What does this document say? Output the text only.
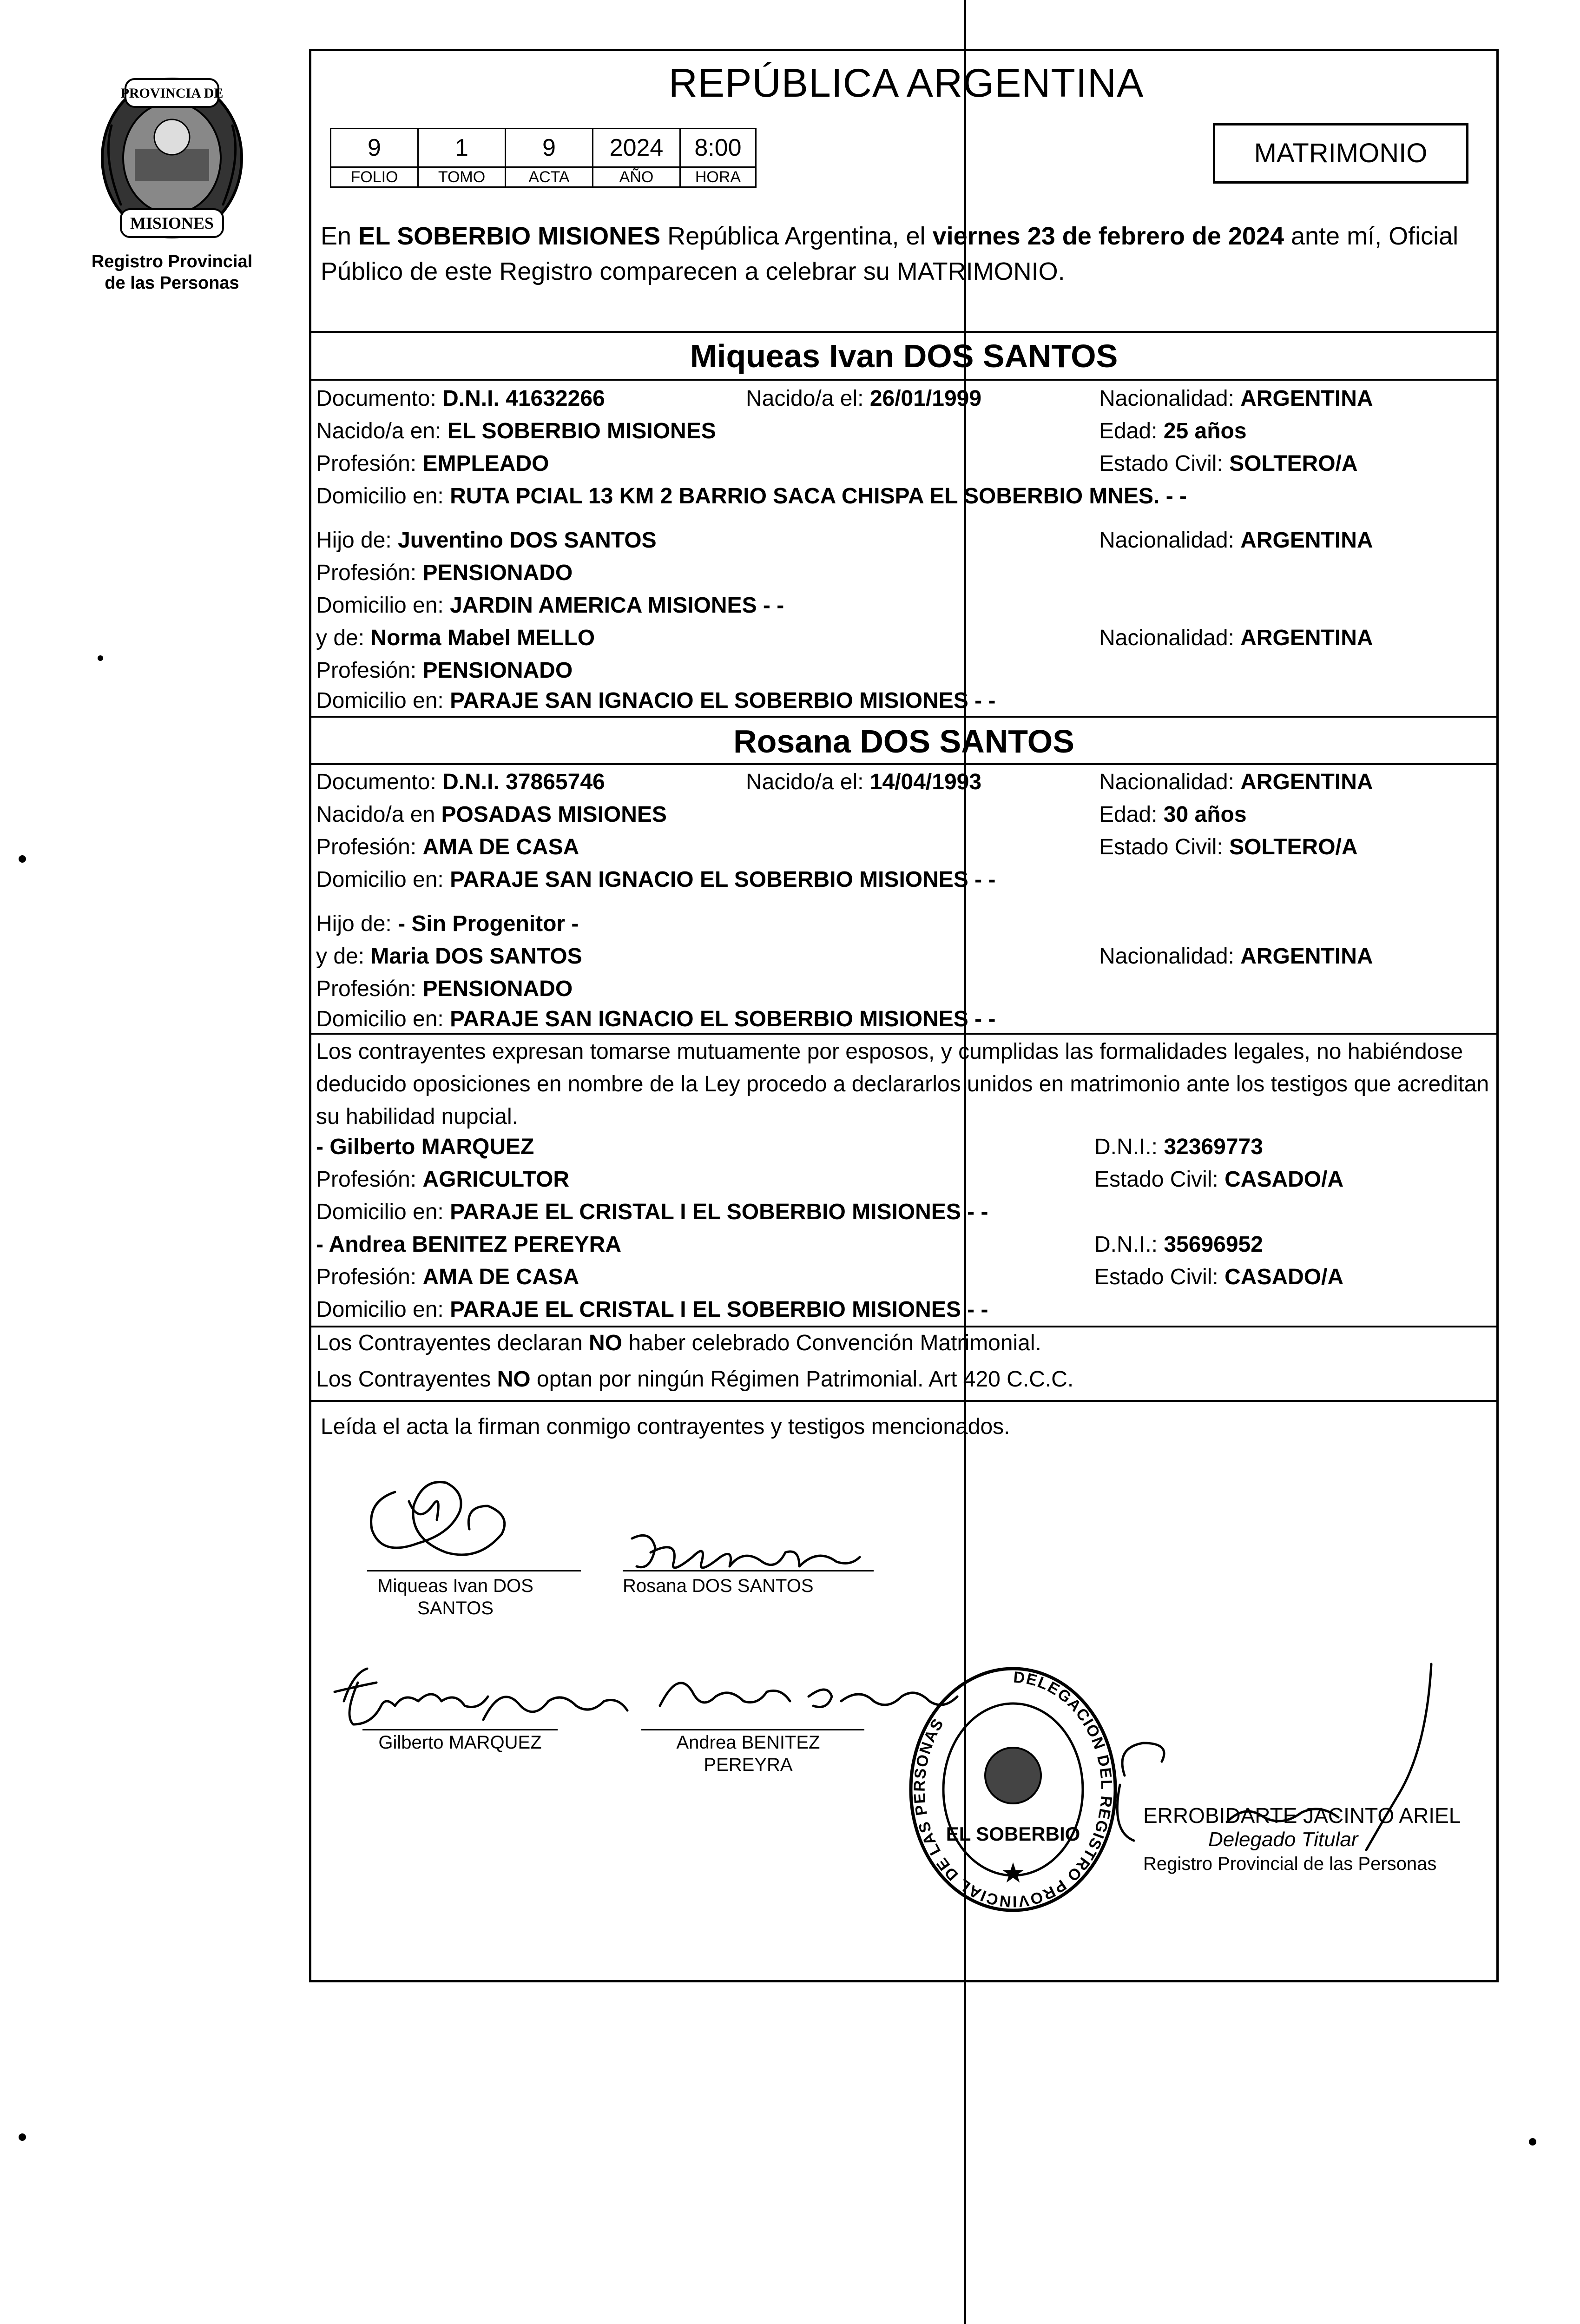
PROVINCIA DE
MISIONES
Registro Provincial
de las Personas
REPÚBLICA ARGENTINA
9	1	9	2024	8:00
FOLIO	TOMO	ACTA	AÑO	HORA
MATRIMONIO
En EL SOBERBIO MISIONES República Argentina, el viernes 23 de febrero de 2024 ante mí, Oficial Público de este Registro comparecen a celebrar su MATRIMONIO.
Miqueas Ivan DOS SANTOS
Documento: D.N.I. 41632266	Nacido/a el: 26/01/1999	Nacionalidad: ARGENTINA
Nacido/a en: EL SOBERBIO MISIONES	Edad: 25 años
Profesión: EMPLEADO	Estado Civil: SOLTERO/A
Domicilio en: RUTA PCIAL 13 KM 2 BARRIO SACA CHISPA EL SOBERBIO MNES. - -
Hijo de: Juventino DOS SANTOS	Nacionalidad: ARGENTINA
Profesión: PENSIONADO
Domicilio en: JARDIN AMERICA MISIONES - -
y de: Norma Mabel MELLO	Nacionalidad: ARGENTINA
Profesión: PENSIONADO
Domicilio en: PARAJE SAN IGNACIO EL SOBERBIO MISIONES - -
Rosana DOS SANTOS
Documento: D.N.I. 37865746	Nacido/a el: 14/04/1993	Nacionalidad: ARGENTINA
Nacido/a en POSADAS MISIONES	Edad: 30 años
Profesión: AMA DE CASA	Estado Civil: SOLTERO/A
Domicilio en: PARAJE SAN IGNACIO EL SOBERBIO MISIONES - -
Hijo de: - Sin Progenitor -
y de: Maria DOS SANTOS	Nacionalidad: ARGENTINA
Profesión: PENSIONADO
Domicilio en: PARAJE SAN IGNACIO EL SOBERBIO MISIONES - -
Los contrayentes expresan tomarse mutuamente por esposos, y cumplidas las formalidades legales, no habiéndose deducido oposiciones en nombre de la Ley procedo a declararlos unidos en matrimonio ante los testigos que acreditan su habilidad nupcial.
- Gilberto MARQUEZ	D.N.I.: 32369773
Profesión: AGRICULTOR	Estado Civil: CASADO/A
Domicilio en: PARAJE EL CRISTAL I EL SOBERBIO MISIONES - -
- Andrea BENITEZ PEREYRA	D.N.I.: 35696952
Profesión: AMA DE CASA	Estado Civil: CASADO/A
Domicilio en: PARAJE EL CRISTAL I EL SOBERBIO MISIONES - -
Los Contrayentes declaran NO haber celebrado Convención Matrimonial.
Los Contrayentes NO optan por ningún Régimen Patrimonial. Art 420 C.C.C.
Leída el acta la firman conmigo contrayentes y testigos mencionados.
Miqueas Ivan DOS
SANTOS
Rosana DOS SANTOS
Gilberto MARQUEZ	Andrea BENITEZ
PEREYRA
DELEGACIÓN DEL REGISTRO PROVINCIAL DE LAS PERSONAS
EL SOBERBIO
★
ERROBIDARTE JACINTO ARIEL
Delegado Titular
Registro Provincial de las Personas
